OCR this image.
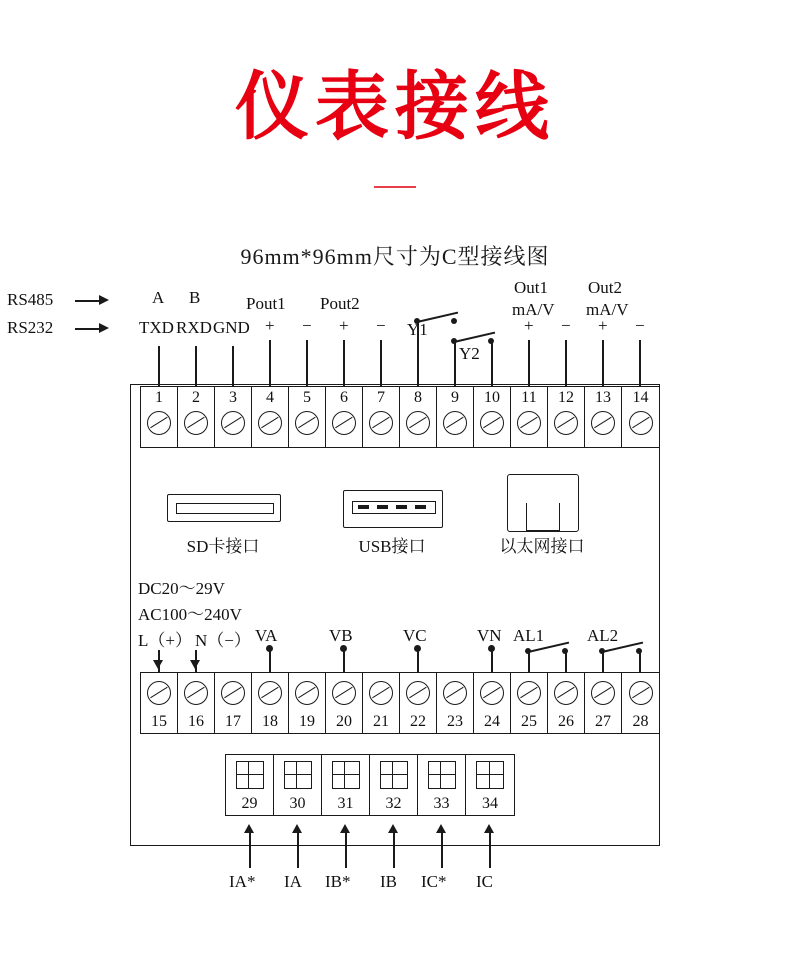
仪表接线
96mm*96mm尺寸为C型接线图
1	2	3	4	5	6	7	8	9	10	11	12	13	14
Y1
Y2
RS485
RS232
A B
TXD RXD GND
Pout1
+ −
Pout2
+ −
Out1
mA/V
+ −
Out2
mA/V
+ −
SD卡接口	USB接口	以太网接口
DC20～29V
AC100～240V
L（+） N（−） VA	VB	VC	VN AL1	AL2
15	16	17	18	19	20	21	22	23	24	25	26	27	28
29	30	31	32	33	34
IA* IA IB* IB IC* IC
